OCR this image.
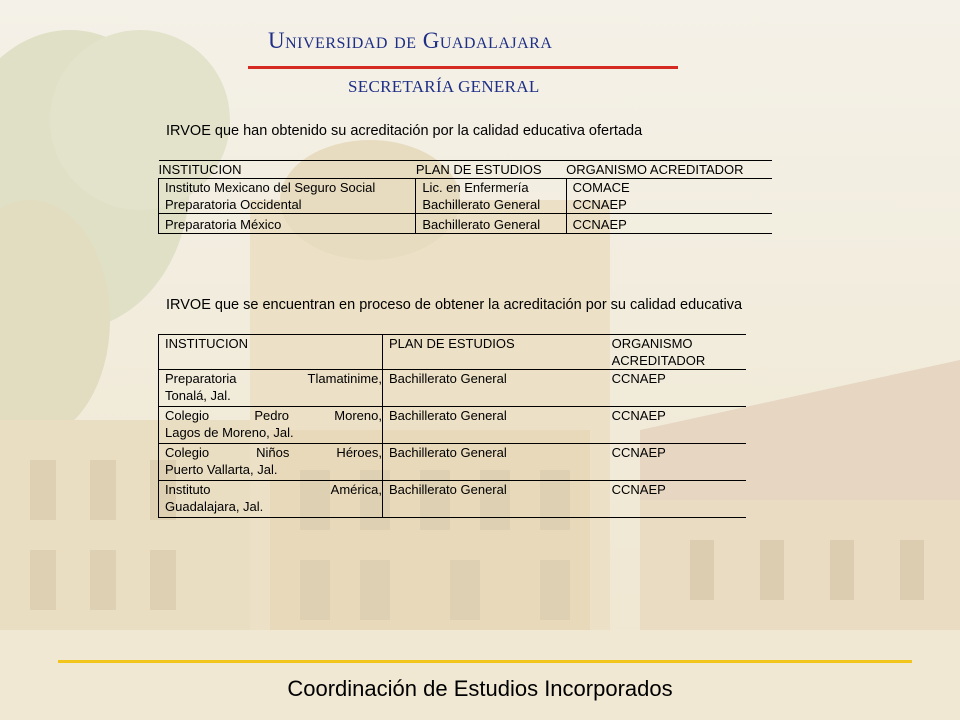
Universidad de Guadalajara
SECRETARÍA GENERAL
IRVOE que han obtenido su acreditación por la calidad educativa ofertada
INSTITUCION	PLAN DE ESTUDIOS	ORGANISMO ACREDITADOR
Instituto Mexicano del Seguro Social	Lic. en Enfermería	COMACE
Preparatoria Occidental	Bachillerato General	CCNAEP
Preparatoria México	Bachillerato General	CCNAEP
IRVOE que se encuentran en proceso de obtener la acreditación por su calidad educativa
INSTITUCION	PLAN DE ESTUDIOS	ORGANISMO ACREDITADOR

Preparatoria Tlamatinime,
Tonalá, Jal.	Bachillerato General	CCNAEP

Colegio Pedro Moreno,
Lagos de Moreno, Jal.	Bachillerato General	CCNAEP

Colegio Niños Héroes,
Puerto Vallarta, Jal.	Bachillerato General	CCNAEP

Instituto América,
Guadalajara, Jal.	Bachillerato General	CCNAEP
Coordinación de Estudios Incorporados
